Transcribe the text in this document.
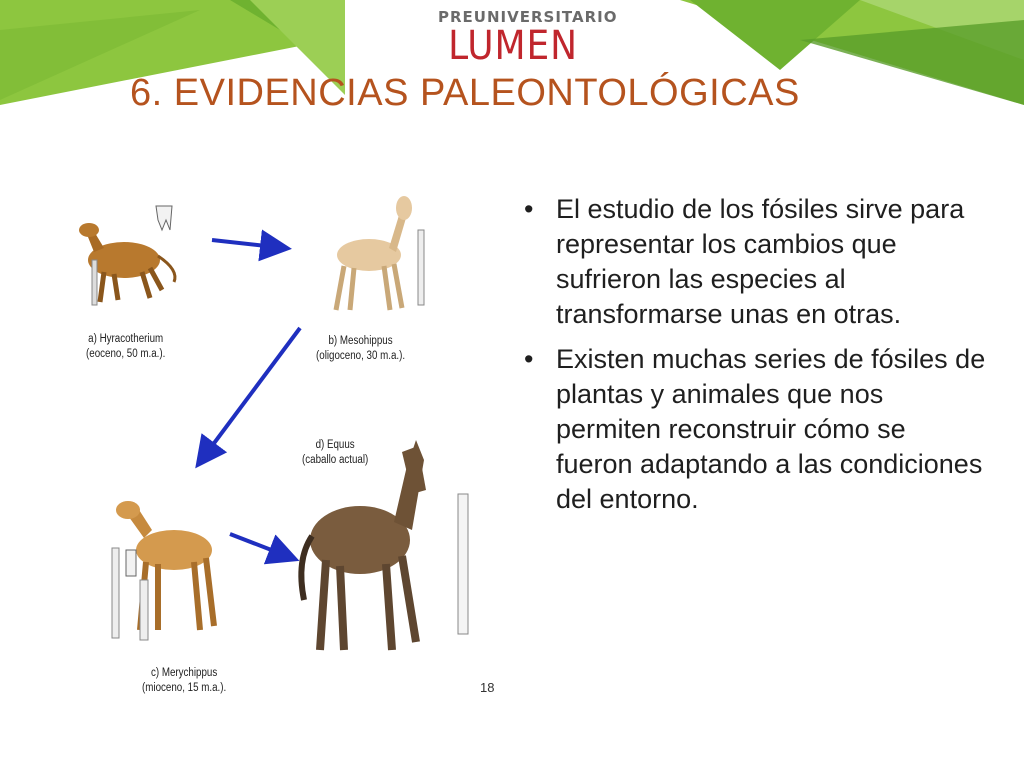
PREUNIVERSITARIO
LUMEN
6. EVIDENCIAS PALEONTOLÓGICAS
a) Hyracotherium
(eoceno, 50 m.a.).
b) Mesohippus
(oligoceno, 30 m.a.).
d) Equus
(caballo actual)
c) Merychippus
(mioceno, 15 m.a.).	18
• El estudio de los fósiles sirve para representar los cambios que sufrieron las especies al transformarse unas en otras.
• Existen muchas series de fósiles de plantas y animales que nos permiten reconstruir cómo se fueron adaptando a las condiciones del entorno.
